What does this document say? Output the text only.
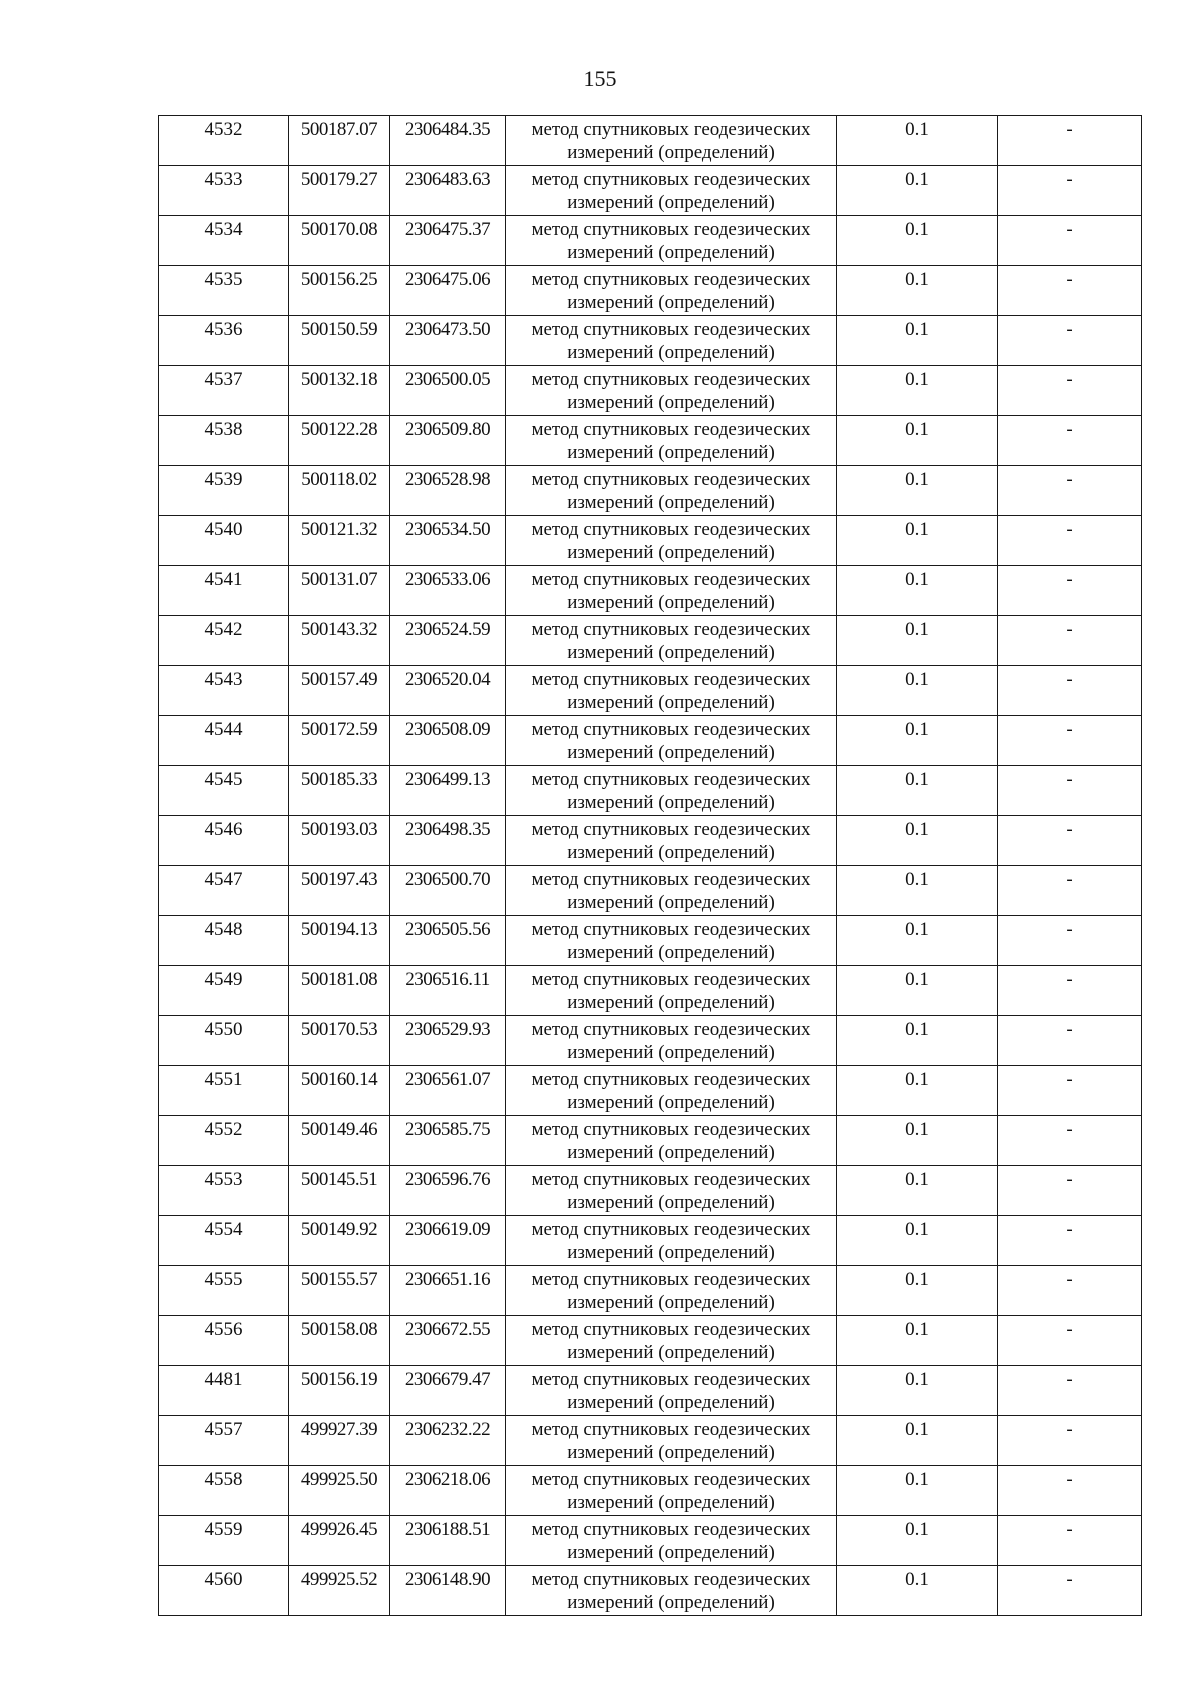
155
4532	500187.07	2306484.35	метод спутниковых геодезических
измерений (определений)	0.1	-
4533	500179.27	2306483.63	метод спутниковых геодезических
измерений (определений)	0.1	-
4534	500170.08	2306475.37	метод спутниковых геодезических
измерений (определений)	0.1	-
4535	500156.25	2306475.06	метод спутниковых геодезических
измерений (определений)	0.1	-
4536	500150.59	2306473.50	метод спутниковых геодезических
измерений (определений)	0.1	-
4537	500132.18	2306500.05	метод спутниковых геодезических
измерений (определений)	0.1	-
4538	500122.28	2306509.80	метод спутниковых геодезических
измерений (определений)	0.1	-
4539	500118.02	2306528.98	метод спутниковых геодезических
измерений (определений)	0.1	-
4540	500121.32	2306534.50	метод спутниковых геодезических
измерений (определений)	0.1	-
4541	500131.07	2306533.06	метод спутниковых геодезических
измерений (определений)	0.1	-
4542	500143.32	2306524.59	метод спутниковых геодезических
измерений (определений)	0.1	-
4543	500157.49	2306520.04	метод спутниковых геодезических
измерений (определений)	0.1	-
4544	500172.59	2306508.09	метод спутниковых геодезических
измерений (определений)	0.1	-
4545	500185.33	2306499.13	метод спутниковых геодезических
измерений (определений)	0.1	-
4546	500193.03	2306498.35	метод спутниковых геодезических
измерений (определений)	0.1	-
4547	500197.43	2306500.70	метод спутниковых геодезических
измерений (определений)	0.1	-
4548	500194.13	2306505.56	метод спутниковых геодезических
измерений (определений)	0.1	-
4549	500181.08	2306516.11	метод спутниковых геодезических
измерений (определений)	0.1	-
4550	500170.53	2306529.93	метод спутниковых геодезических
измерений (определений)	0.1	-
4551	500160.14	2306561.07	метод спутниковых геодезических
измерений (определений)	0.1	-
4552	500149.46	2306585.75	метод спутниковых геодезических
измерений (определений)	0.1	-
4553	500145.51	2306596.76	метод спутниковых геодезических
измерений (определений)	0.1	-
4554	500149.92	2306619.09	метод спутниковых геодезических
измерений (определений)	0.1	-
4555	500155.57	2306651.16	метод спутниковых геодезических
измерений (определений)	0.1	-
4556	500158.08	2306672.55	метод спутниковых геодезических
измерений (определений)	0.1	-
4481	500156.19	2306679.47	метод спутниковых геодезических
измерений (определений)	0.1	-
4557	499927.39	2306232.22	метод спутниковых геодезических
измерений (определений)	0.1	-
4558	499925.50	2306218.06	метод спутниковых геодезических
измерений (определений)	0.1	-
4559	499926.45	2306188.51	метод спутниковых геодезических
измерений (определений)	0.1	-
4560	499925.52	2306148.90	метод спутниковых геодезических
измерений (определений)	0.1	-
